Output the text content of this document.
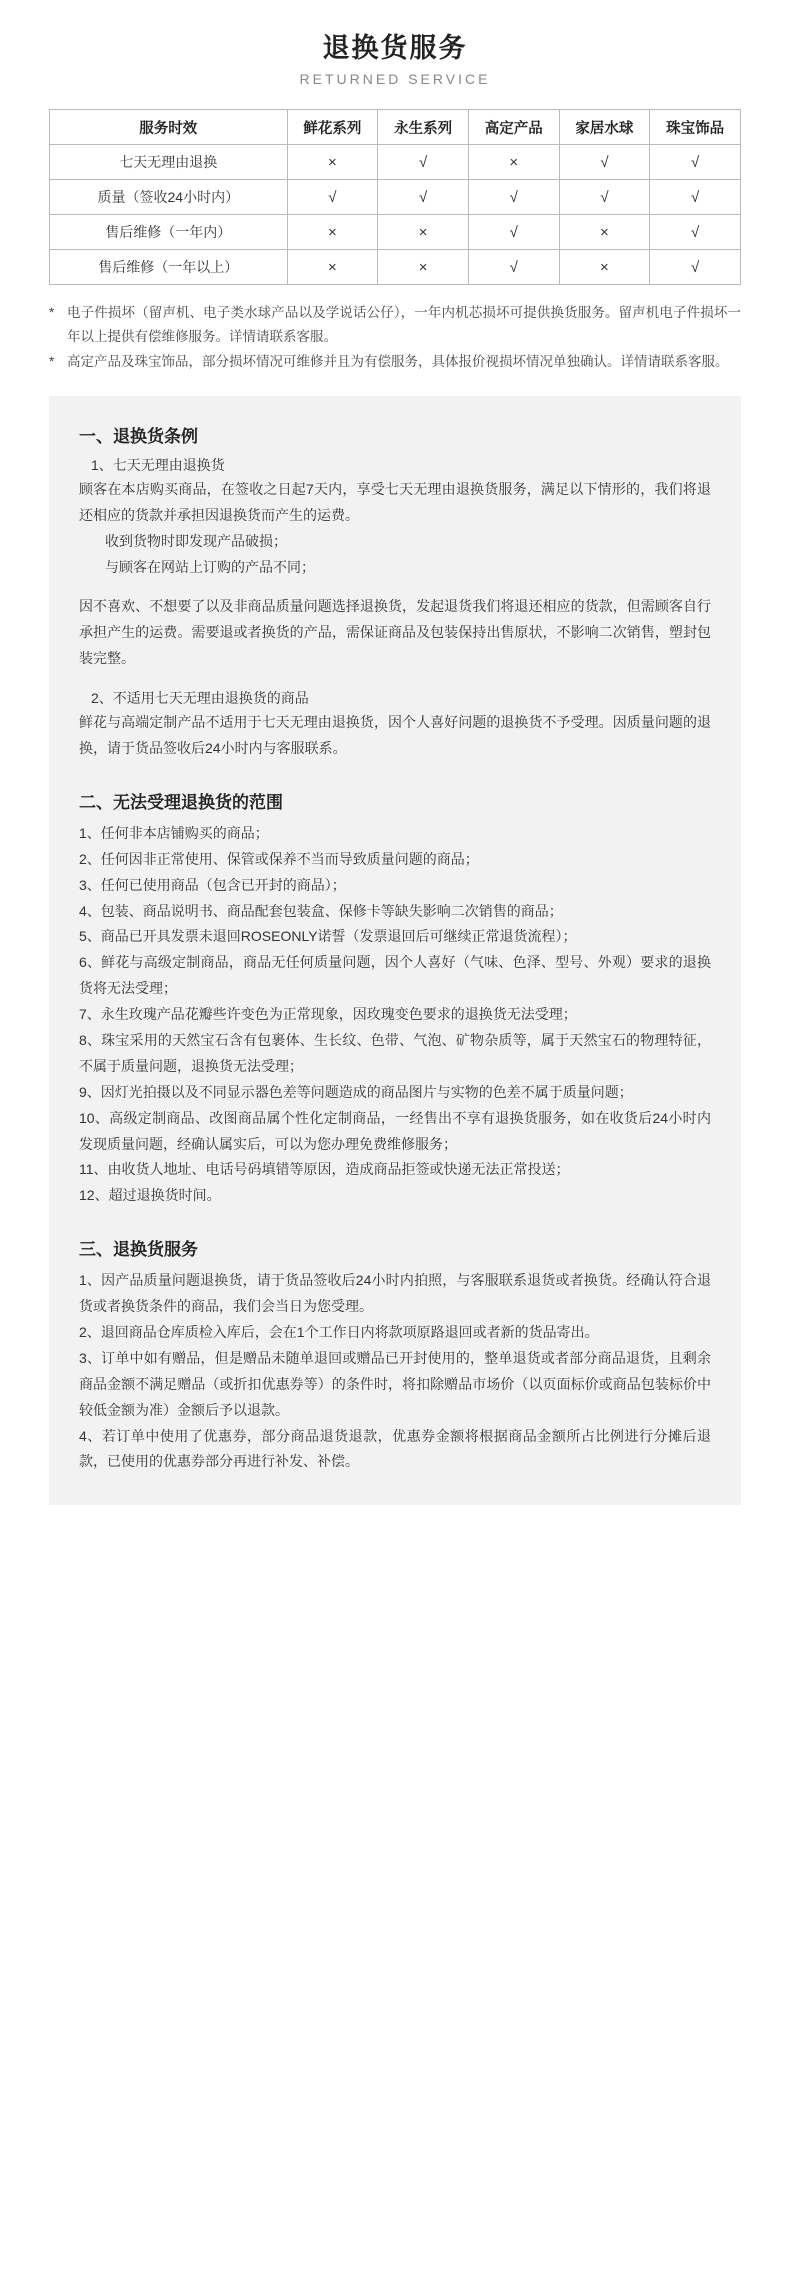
退换货服务
RETURNED SERVICE
服务时效	鲜花系列	永生系列	高定产品	家居水球	珠宝饰品
七天无理由退换	×	√	×	√	√
质量（签收24小时内）	√	√	√	√	√
售后维修（一年内）	×	×	√	×	√
售后维修（一年以上）	×	×	√	×	√
* 电子件损坏（留声机、电子类水球产品以及学说话公仔），一年内机芯损坏可提供换货服务。留声机电子件损坏一年以上提供有偿维修服务。详情请联系客服。
* 高定产品及珠宝饰品，部分损坏情况可维修并且为有偿服务，具体报价视损坏情况单独确认。详情请联系客服。
一、退换货条例
1、七天无理由退换货

顾客在本店购买商品，在签收之日起7天内，享受七天无理由退换货服务，满足以下情形的，我们将退还相应的货款并承担因退换货而产生的运费。

收到货物时即发现产品破损；

与顾客在网站上订购的产品不同；

因不喜欢、不想要了以及非商品质量问题选择退换货，发起退货我们将退还相应的货款，但需顾客自行承担产生的运费。需要退或者换货的产品，需保证商品及包装保持出售原状，不影响二次销售，塑封包装完整。

2、不适用七天无理由退换货的商品

鲜花与高端定制产品不适用于七天无理由退换货，因个人喜好问题的退换货不予受理。因质量问题的退换，请于货品签收后24小时内与客服联系。

二、无法受理退换货的范围
1、任何非本店铺购买的商品；
2、任何因非正常使用、保管或保养不当而导致质量问题的商品；
3、任何已使用商品（包含已开封的商品）；
4、包装、商品说明书、商品配套包装盒、保修卡等缺失影响二次销售的商品；
5、商品已开具发票未退回ROSEONLY诺誓（发票退回后可继续正常退货流程）；
6、鲜花与高级定制商品，商品无任何质量问题，因个人喜好（气味、色泽、型号、外观）要求的退换货将无法受理；
7、永生玫瑰产品花瓣些许变色为正常现象，因玫瑰变色要求的退换货无法受理；
8、珠宝采用的天然宝石含有包裹体、生长纹、色带、气泡、矿物杂质等，属于天然宝石的物理特征，不属于质量问题，退换货无法受理；
9、因灯光拍摄以及不同显示器色差等问题造成的商品图片与实物的色差不属于质量问题；
10、高级定制商品、改图商品属个性化定制商品，一经售出不享有退换货服务，如在收货后24小时内发现质量问题，经确认属实后，可以为您办理免费维修服务；
11、由收货人地址、电话号码填错等原因，造成商品拒签或快递无法正常投送；
12、超过退换货时间。
三、退换货服务
1、因产品质量问题退换货，请于货品签收后24小时内拍照，与客服联系退货或者换货。经确认符合退货或者换货条件的商品，我们会当日为您受理。
2、退回商品仓库质检入库后，会在1个工作日内将款项原路退回或者新的货品寄出。
3、订单中如有赠品，但是赠品未随单退回或赠品已开封使用的，整单退货或者部分商品退货，且剩余商品金额不满足赠品（或折扣优惠券等）的条件时，将扣除赠品市场价（以页面标价或商品包装标价中较低金额为准）金额后予以退款。
4、若订单中使用了优惠券，部分商品退货退款，优惠券金额将根据商品金额所占比例进行分摊后退款，已使用的优惠券部分再进行补发、补偿。
